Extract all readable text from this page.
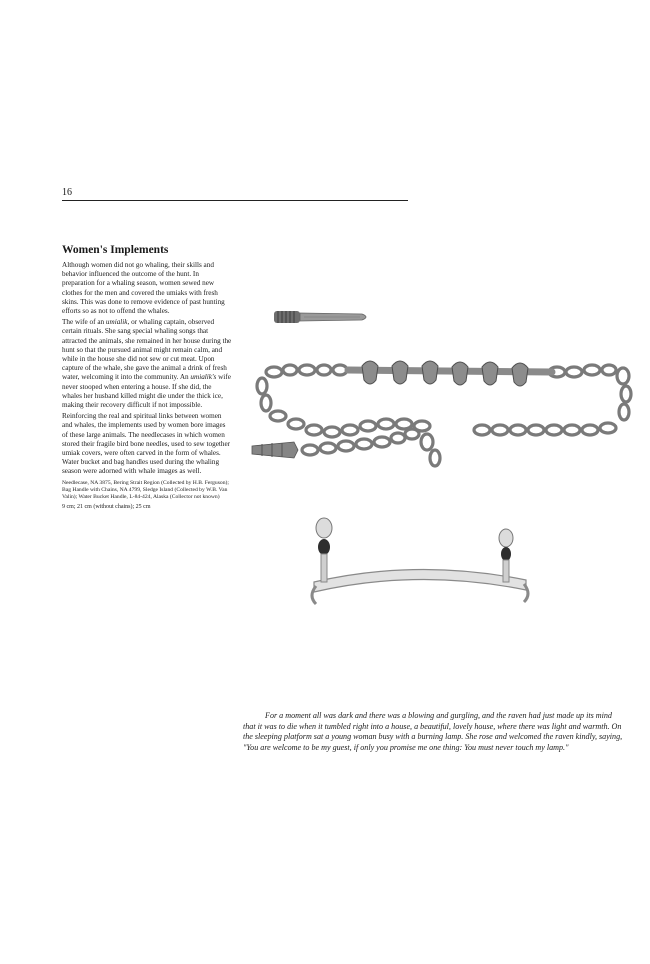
16
Women's Implements

Although women did not go whaling, their skills and behavior influenced the outcome of the hunt. In preparation for a whaling season, women sewed new clothes for the men and covered the umiaks with fresh skins. This was done to remove evidence of past hunting efforts so as not to offend the whales.

The wife of an umialik, or whaling captain, observed certain rituals. She sang special whaling songs that attracted the animals, she remained in her house during the hunt so that the pursued animal might remain calm, and while in the house she did not sew or cut meat. Upon capture of the whale, she gave the animal a drink of fresh water, welcoming it into the community. An umialik's wife never stooped when entering a house. If she did, the whales her husband killed might die under the thick ice, making their recovery difficult if not impossible.

Reinforcing the real and spiritual links between women and whales, the implements used by women bore images of these large animals. The needlecases in which women stored their fragile bird bone needles, used to sew together umiak covers, were often carved in the form of whales. Water bucket and bag handles used during the whaling season were adorned with whale images as well.

Needlecase, NA 3875, Bering Strait Region (Collected by H.B. Ferguson); Bag Handle with Chains, NA 4799, Sledge Island (Collected by W.B. Van Valin); Water Bucket Handle, L-84-424, Alaska (Collector not known)

9 cm; 21 cm (without chains); 25 cm

For a moment all was dark and there was a blowing and gurgling, and the raven had just made up its mind that it was to die when it tumbled right into a house, a beautiful, lovely house, where there was light and warmth. On the sleeping platform sat a young woman busy with a burning lamp. She rose and welcomed the raven kindly, saying, "You are welcome to be my guest, if only you promise me one thing: You must never touch my lamp."
